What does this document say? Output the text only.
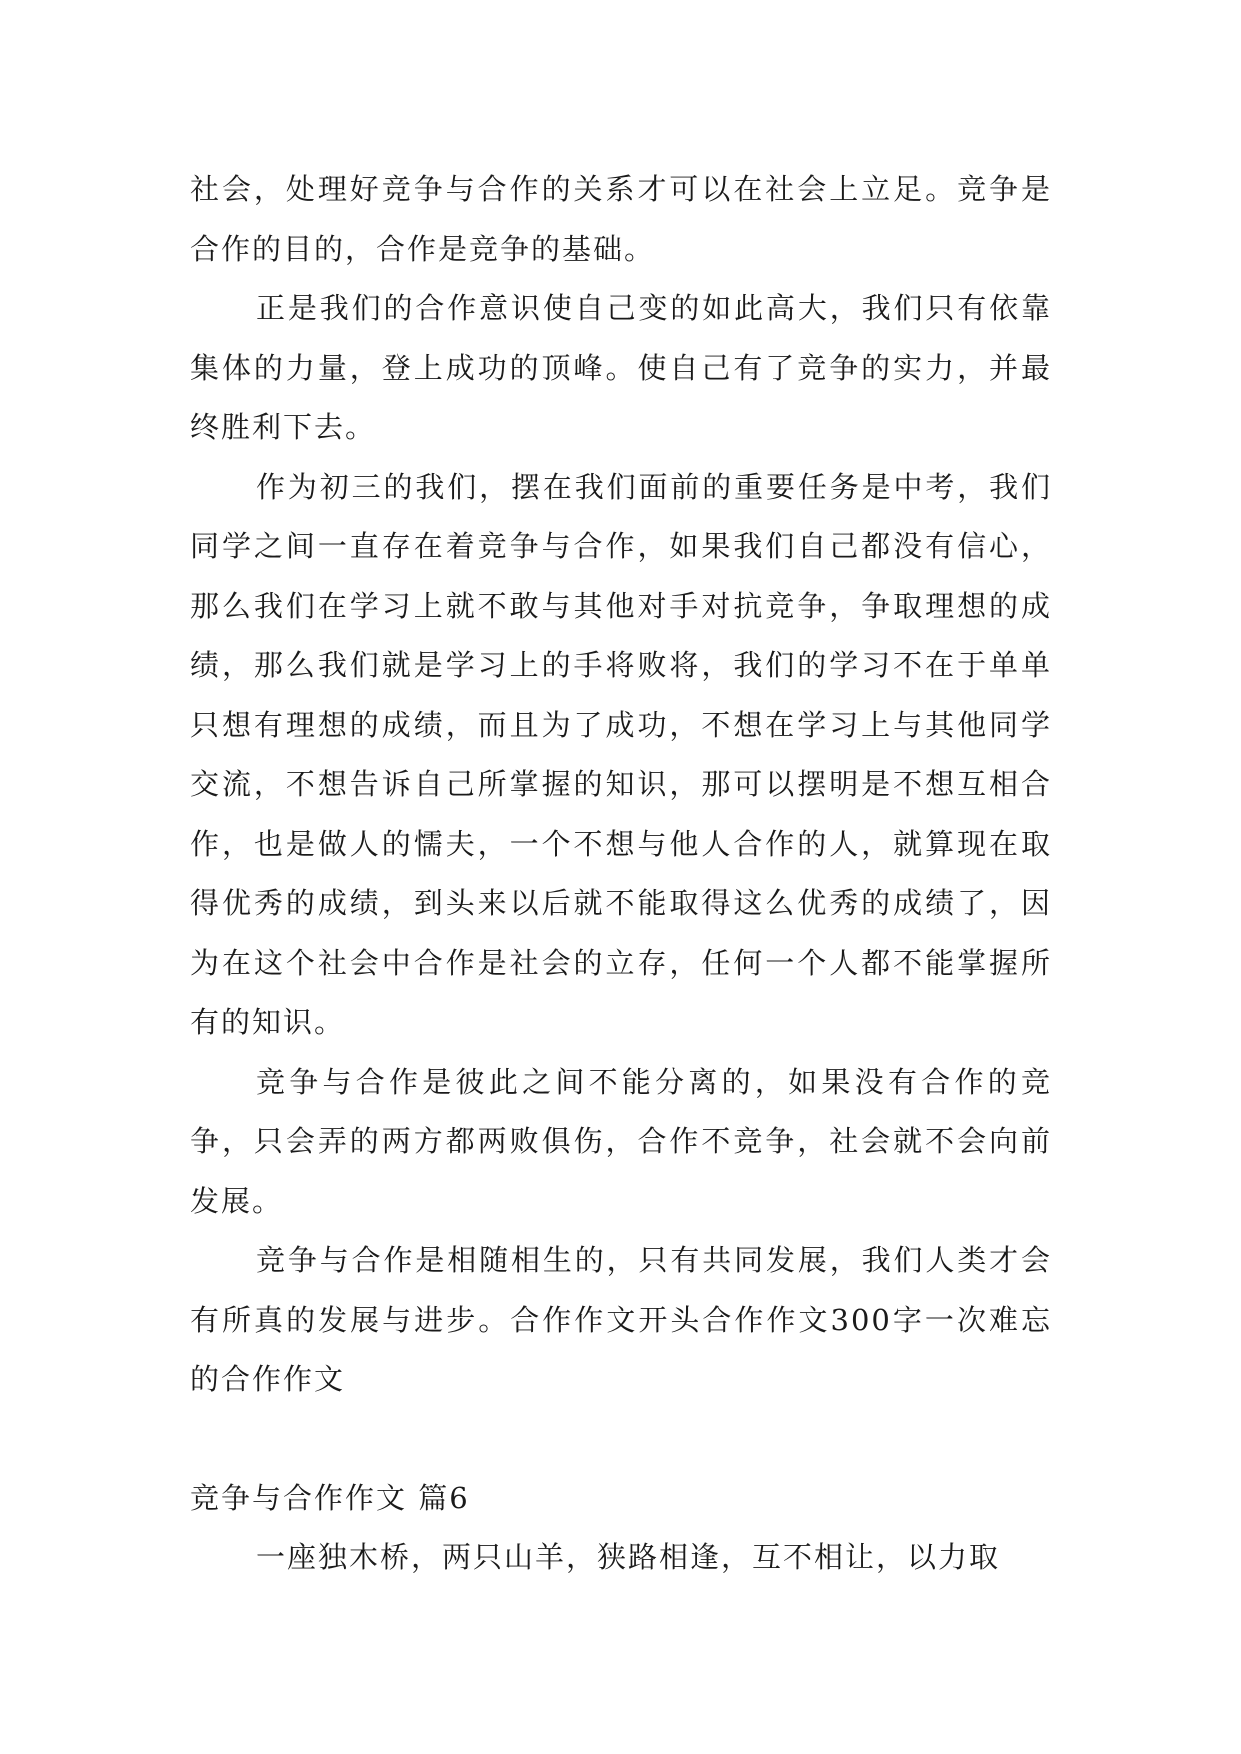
社会，处理好竞争与合作的关系才可以在社会上立足。竞争是合作的目的，合作是竞争的基础。

正是我们的合作意识使自己变的如此高大，我们只有依靠集体的力量，登上成功的顶峰。使自己有了竞争的实力，并最终胜利下去。

作为初三的我们，摆在我们面前的重要任务是中考，我们同学之间一直存在着竞争与合作，如果我们自己都没有信心，那么我们在学习上就不敢与其他对手对抗竞争，争取理想的成绩，那么我们就是学习上的手将败将，我们的学习不在于单单只想有理想的成绩，而且为了成功，不想在学习上与其他同学交流，不想告诉自己所掌握的知识，那可以摆明是不想互相合作，也是做人的懦夫，一个不想与他人合作的人，就算现在取得优秀的成绩，到头来以后就不能取得这么优秀的成绩了，因为在这个社会中合作是社会的立存，任何一个人都不能掌握所有的知识。

竞争与合作是彼此之间不能分离的，如果没有合作的竞争，只会弄的两方都两败俱伤，合作不竞争，社会就不会向前发展。

竞争与合作是相随相生的，只有共同发展，我们人类才会有所真的发展与进步。合作作文开头合作作文300字一次难忘的合作作文

竞争与合作作文 篇6

一座独木桥，两只山羊，狭路相逢，互不相让，以力取
